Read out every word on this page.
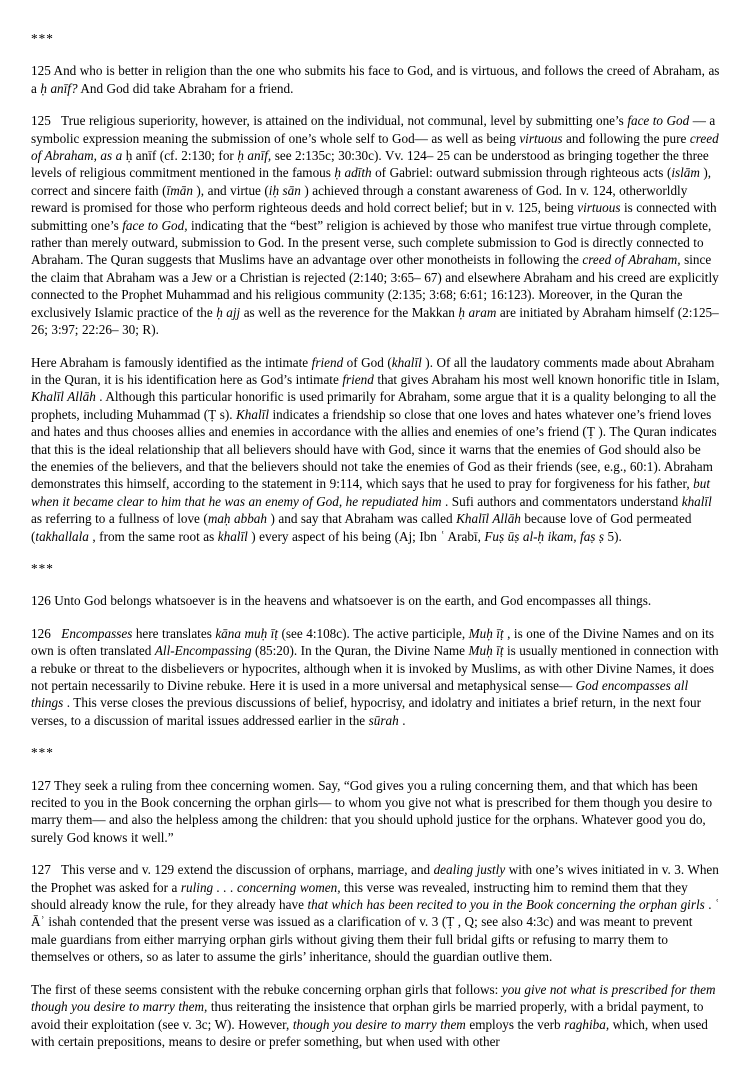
***

125 And who is better in religion than the one who submits his face to God, and is virtuous, and follows the creed of Abraham, as a ḥ anīf? And God did take Abraham for a friend.

125   True religious superiority, however, is attained on the individual, not communal, level by submitting one’s face to God — a symbolic expression meaning the submission of one’s whole self to God— as well as being virtuous and following the pure creed of Abraham, as a ḥ anīf (cf. 2:130; for ḥ anīf, see 2:135c; 30:30c). Vv. 124– 25 can be understood as bringing together the three levels of religious commitment mentioned in the famous ḥ adīth of Gabriel: outward submission through righteous acts (islām ), correct and sincere faith (īmān ), and virtue (iḥ sān ) achieved through a constant awareness of God. In v. 124, otherworldly reward is promised for those who perform righteous deeds and hold correct belief; but in v. 125, being virtuous is connected with submitting one’s face to God, indicating that the “best” religion is achieved by those who manifest true virtue through complete, rather than merely outward, submission to God. In the present verse, such complete submission to God is directly connected to Abraham. The Quran suggests that Muslims have an advantage over other monotheists in following the creed of Abraham, since the claim that Abraham was a Jew or a Christian is rejected (2:140; 3:65– 67) and elsewhere Abraham and his creed are explicitly connected to the Prophet Muhammad and his religious community (2:135; 3:68; 6:61; 16:123). Moreover, in the Quran the exclusively Islamic practice of the ḥ ajj as well as the reverence for the Makkan ḥ aram are initiated by Abraham himself (2:125– 26; 3:97; 22:26– 30; R).

Here Abraham is famously identified as the intimate friend of God (khalīl ). Of all the laudatory comments made about Abraham in the Quran, it is his identification here as God’s intimate friend that gives Abraham his most well known honorific title in Islam, Khalīl Allāh . Although this particular honorific is used primarily for Abraham, some argue that it is a quality belonging to all the prophets, including Muhammad (Ṭ s). Khalīl indicates a friendship so close that one loves and hates whatever one’s friend loves and hates and thus chooses allies and enemies in accordance with the allies and enemies of one’s friend (Ṭ ). The Quran indicates that this is the ideal relationship that all believers should have with God, since it warns that the enemies of God should also be the enemies of the believers, and that the believers should not take the enemies of God as their friends (see, e.g., 60:1). Abraham demonstrates this himself, according to the statement in 9:114, which says that he used to pray for forgiveness for his father, but when it became clear to him that he was an enemy of God, he repudiated him . Sufi authors and commentators understand khalīl as referring to a fullness of love (maḥ abbah ) and say that Abraham was called Khalīl Allāh because love of God permeated (takhallala , from the same root as khalīl ) every aspect of his being (Aj; Ibn ʿ Arabī, Fuṣ ūṣ al-ḥ ikam, faṣ ṣ 5).

***

126 Unto God belongs whatsoever is in the heavens and whatsoever is on the earth, and God encompasses all things.

126   Encompasses here translates kāna muḥ īṭ (see 4:108c). The active participle, Muḥ īṭ , is one of the Divine Names and on its own is often translated All-Encompassing (85:20). In the Quran, the Divine Name Muḥ īṭ is usually mentioned in connection with a rebuke or threat to the disbelievers or hypocrites, although when it is invoked by Muslims, as with other Divine Names, it does not pertain necessarily to Divine rebuke. Here it is used in a more universal and metaphysical sense— God encompasses all things . This verse closes the previous discussions of belief, hypocrisy, and idolatry and initiates a brief return, in the next four verses, to a discussion of marital issues addressed earlier in the sūrah .

***

127 They seek a ruling from thee concerning women. Say, “God gives you a ruling concerning them, and that which has been recited to you in the Book concerning the orphan girls— to whom you give not what is prescribed for them though you desire to marry them— and also the helpless among the children: that you should uphold justice for the orphans. Whatever good you do, surely God knows it well.”

127   This verse and v. 129 extend the discussion of orphans, marriage, and dealing justly with one’s wives initiated in v. 3. When the Prophet was asked for a ruling . . . concerning women, this verse was revealed, instructing him to remind them that they should already know the rule, for they already have that which has been recited to you in the Book concerning the orphan girls . ʿ Āʾ ishah contended that the present verse was issued as a clarification of v. 3 (Ṭ , Q; see also 4:3c) and was meant to prevent male guardians from either marrying orphan girls without giving them their full bridal gifts or refusing to marry them to themselves or others, so as later to assume the girls’ inheritance, should the guardian outlive them.

The first of these seems consistent with the rebuke concerning orphan girls that follows: you give not what is prescribed for them though you desire to marry them, thus reiterating the insistence that orphan girls be married properly, with a bridal payment, to avoid their exploitation (see v. 3c; W). However, though you desire to marry them employs the verb raghiba, which, when used with certain prepositions, means to desire or prefer something, but when used with other
